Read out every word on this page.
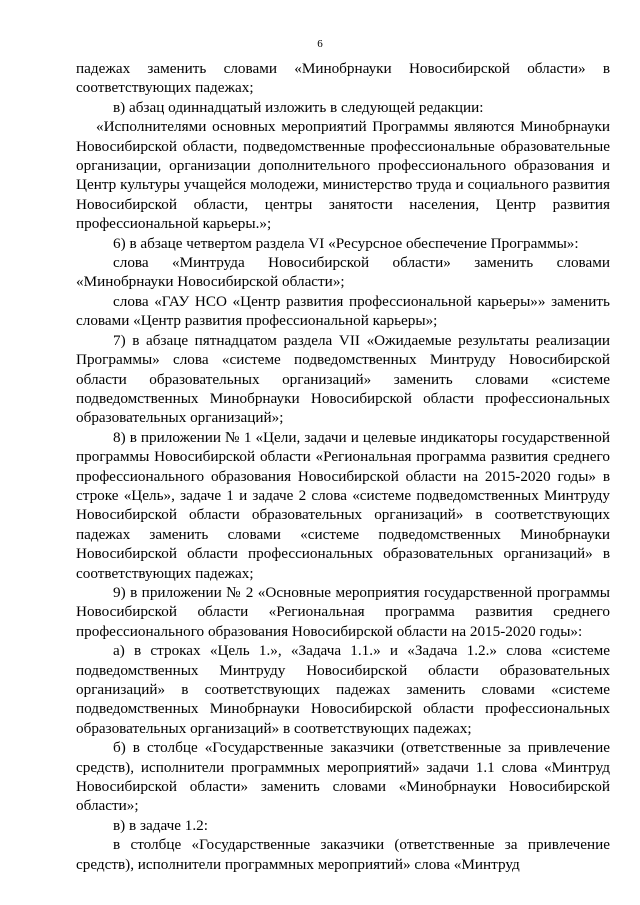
6

падежах заменить словами «Минобрнауки Новосибирской области» в соответствующих падежах;

в) абзац одиннадцатый изложить в следующей редакции:

«Исполнителями основных мероприятий Программы являются Минобрнауки Новосибирской области, подведомственные профессиональные образовательные организации, организации дополнительного профессионального образования и Центр культуры учащейся молодежи, министерство труда и социального развития Новосибирской области, центры занятости населения, Центр развития профессиональной карьеры.»;

6) в абзаце четвертом раздела VI «Ресурсное обеспечение Программы»:

слова «Минтруда Новосибирской области» заменить словами «Минобрнауки Новосибирской области»;

слова «ГАУ НСО «Центр развития профессиональной карьеры»» заменить словами «Центр развития профессиональной карьеры»;

7) в абзаце пятнадцатом раздела VII «Ожидаемые результаты реализации Программы» слова «системе подведомственных Минтруду Новосибирской области образовательных организаций» заменить словами «системе подведомственных Минобрнауки Новосибирской области профессиональных образовательных организаций»;

8) в приложении № 1 «Цели, задачи и целевые индикаторы государственной программы Новосибирской области «Региональная программа развития среднего профессионального образования Новосибирской области на 2015-2020 годы» в строке «Цель», задаче 1 и задаче 2 слова «системе подведомственных Минтруду Новосибирской области образовательных организаций» в соответствующих падежах заменить словами «системе подведомственных Минобрнауки Новосибирской области профессиональных образовательных организаций» в соответствующих падежах;

9) в приложении № 2 «Основные мероприятия государственной программы Новосибирской области «Региональная программа развития среднего профессионального образования Новосибирской области на 2015-2020 годы»:

а) в строках «Цель 1.», «Задача 1.1.» и «Задача 1.2.» слова «системе подведомственных Минтруду Новосибирской области образовательных организаций» в соответствующих падежах заменить словами «системе подведомственных Минобрнауки Новосибирской области профессиональных образовательных организаций» в соответствующих падежах;

б) в столбце «Государственные заказчики (ответственные за привлечение средств), исполнители программных мероприятий» задачи 1.1 слова «Минтруд Новосибирской области» заменить словами «Минобрнауки Новосибирской области»;

в) в задаче 1.2:

в столбце «Государственные заказчики (ответственные за привлечение средств), исполнители программных мероприятий» слова «Минтруд
